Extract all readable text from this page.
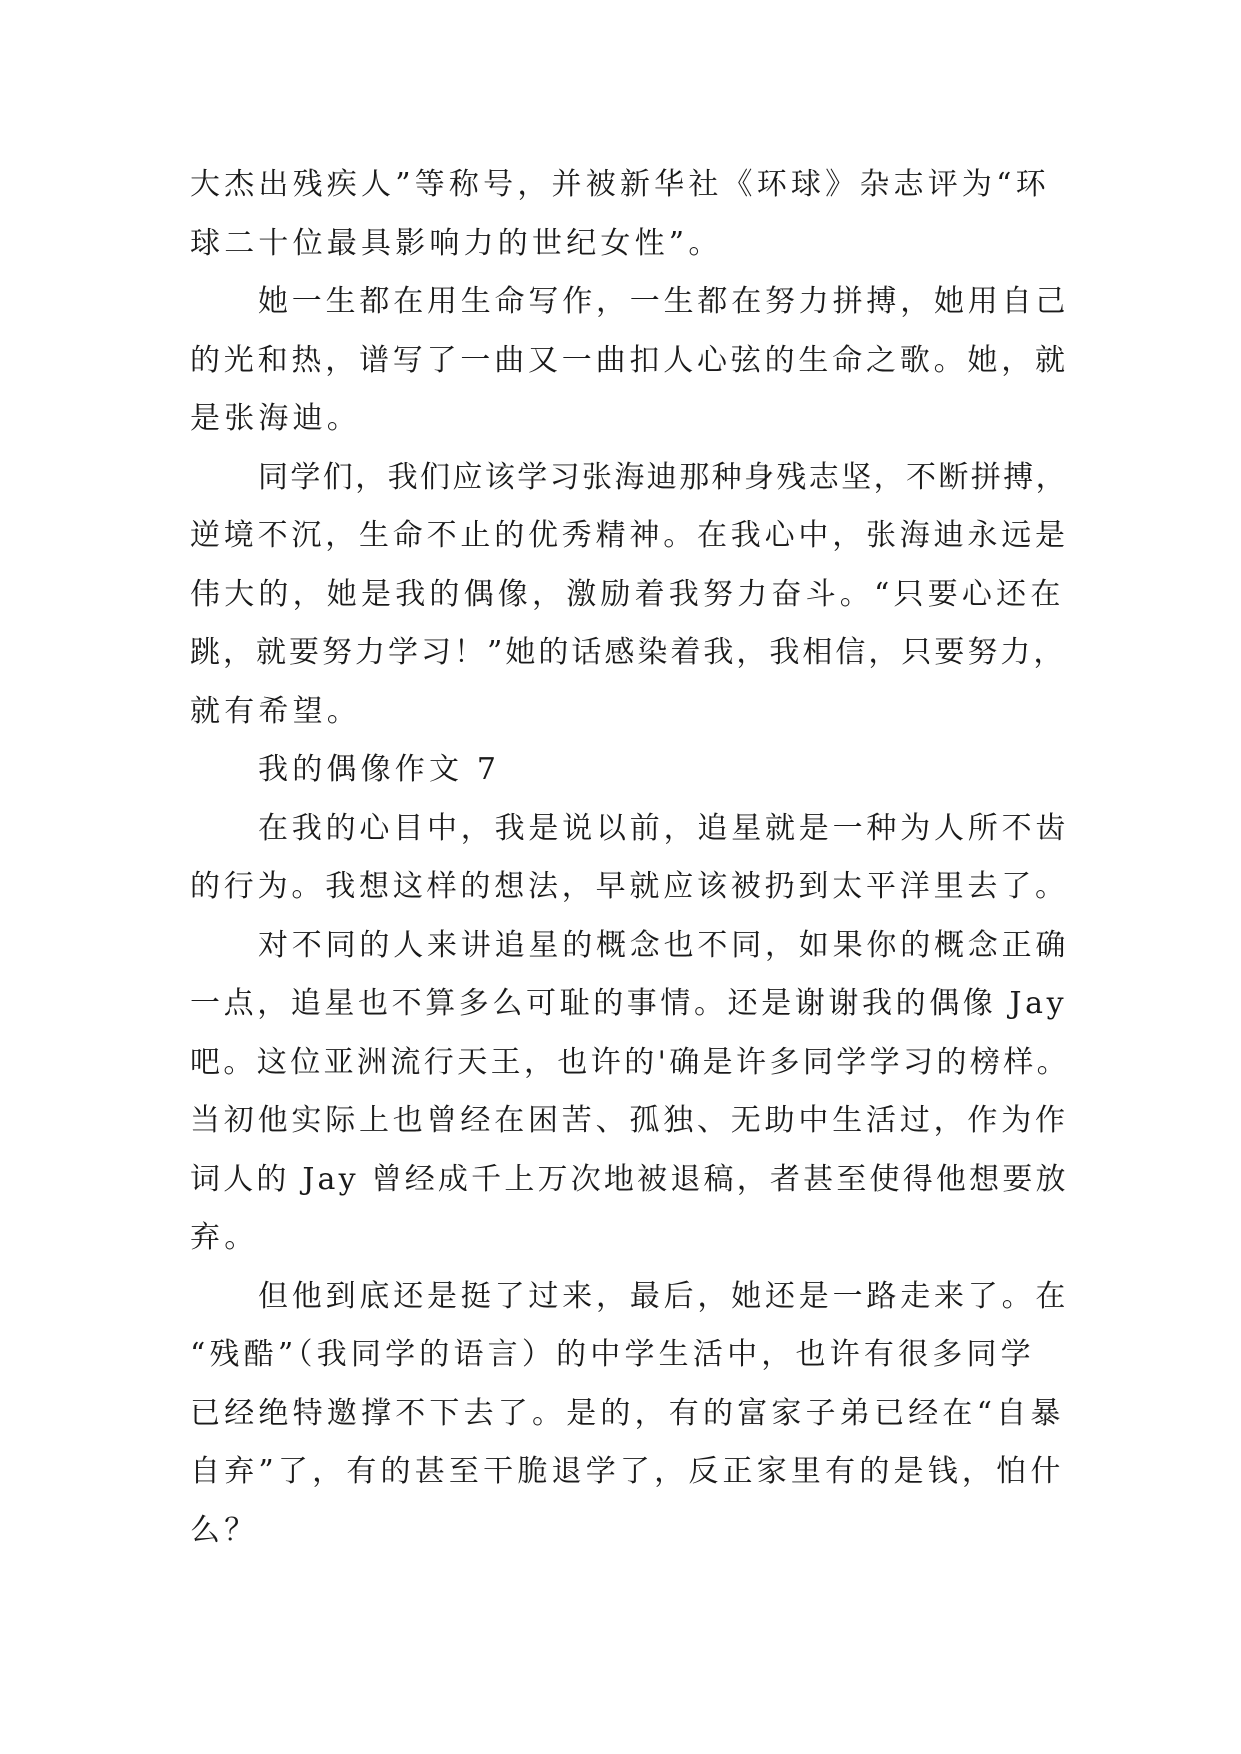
大杰出残疾人”等称号，并被新华社《环球》杂志评为“环
球二十位最具影响力的世纪女性”。
她一生都在用生命写作，一生都在努力拼搏，她用自己
的光和热，谱写了一曲又一曲扣人心弦的生命之歌。她，就
是张海迪。
同学们，我们应该学习张海迪那种身残志坚，不断拼搏，
逆境不沉，生命不止的优秀精神。在我心中，张海迪永远是
伟大的，她是我的偶像，激励着我努力奋斗。“只要心还在
跳，就要努力学习！”她的话感染着我，我相信，只要努力，
就有希望。
我的偶像作文 7
在我的心目中，我是说以前，追星就是一种为人所不齿
的行为。我想这样的想法，早就应该被扔到太平洋里去了。
对不同的人来讲追星的概念也不同，如果你的概念正确
一点，追星也不算多么可耻的事情。还是谢谢我的偶像 Jay
吧。这位亚洲流行天王，也许的'确是许多同学学习的榜样。
当初他实际上也曾经在困苦、孤独、无助中生活过，作为作
词人的 Jay 曾经成千上万次地被退稿，者甚至使得他想要放
弃。
但他到底还是挺了过来，最后，她还是一路走来了。在
“残酷”（我同学的语言）的中学生活中，也许有很多同学
已经绝特邀撑不下去了。是的，有的富家子弟已经在“自暴
自弃”了，有的甚至干脆退学了，反正家里有的是钱，怕什
么？
